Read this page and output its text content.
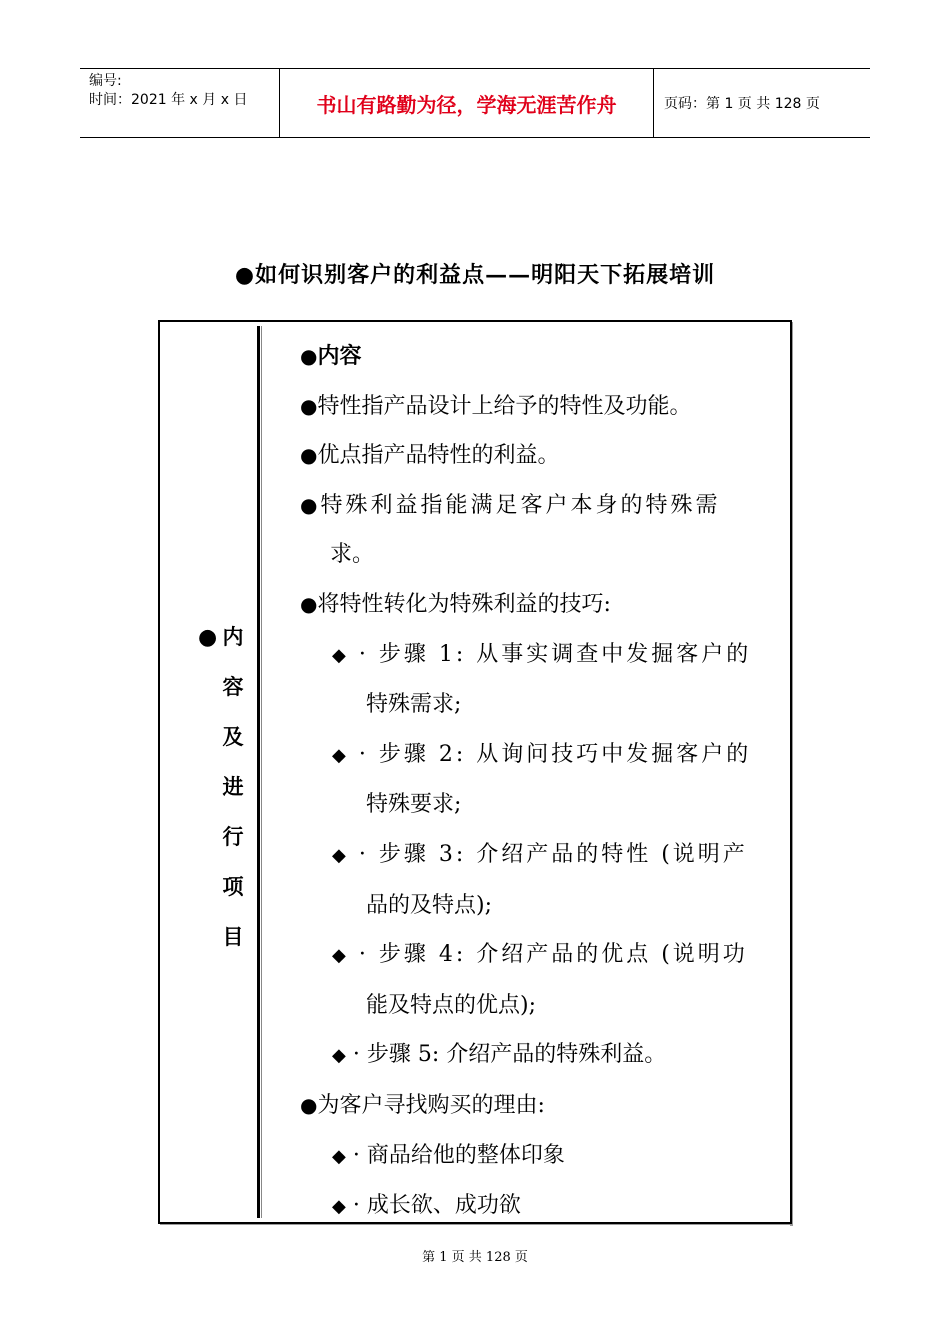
编号:
时间：2021 年 x 月 x 日	书山有路勤为径，学海无涯苦作舟	页码：第 1 页 共 128 页
●如何识别客户的利益点——明阳天下拓展培训
● 内
容
及
进
行
项
目
●内容
●特性指产品设计上给予的特性及功能。
●优点指产品特性的利益。
●特殊利益指能满足客户本身的特殊需
求。
●将特性转化为特殊利益的技巧:
◆ · 步骤 1: 从事实调查中发掘客户的
特殊需求;
◆ · 步骤 2: 从询问技巧中发掘客户的
特殊要求;
◆ · 步骤 3: 介绍产品的特性 (说明产
品的及特点);
◆ · 步骤 4: 介绍产品的优点 (说明功
能及特点的优点);
◆ · 步骤 5: 介绍产品的特殊利益。
●为客户寻找购买的理由:
◆ · 商品给他的整体印象
◆ · 成长欲、成功欲
第 1 页 共 128 页
